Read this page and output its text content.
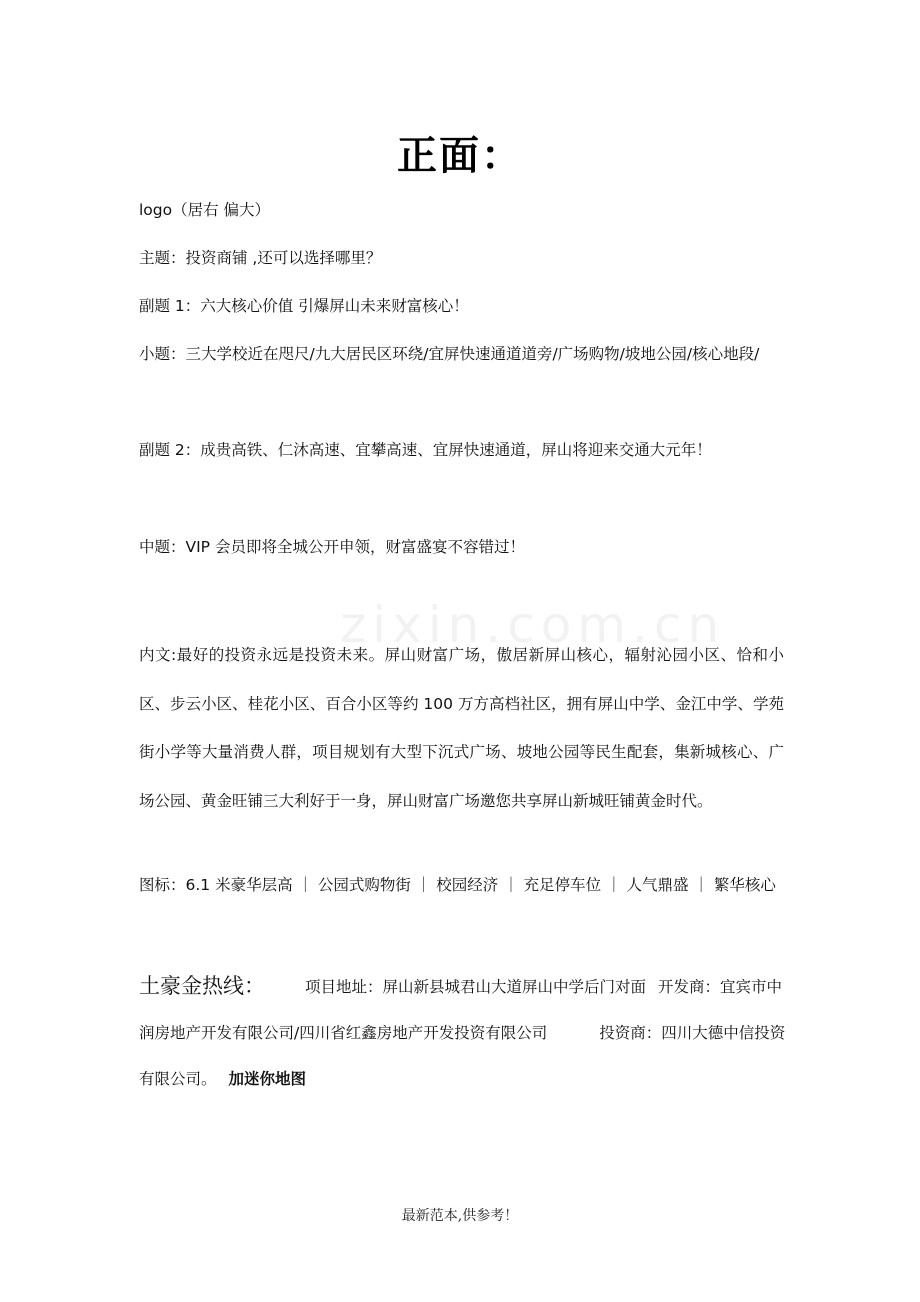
zixin.com.cn
正面：
logo（居右 偏大）
主题：投资商铺 ,还可以选择哪里？
副题 1：六大核心价值 引爆屏山未来财富核心！
小题：三大学校近在咫尺/九大居民区环绕/宜屏快速通道道旁/广场购物/坡地公园/核心地段/
副题 2：成贵高铁、仁沐高速、宜攀高速、宜屏快速通道，屏山将迎来交通大元年！
中题：VIP 会员即将全城公开申领，财富盛宴不容错过！
内文:最好的投资永远是投资未来。屏山财富广场，傲居新屏山核心，辐射沁园小区、恰和小区、步云小区、桂花小区、百合小区等约 100 万方高档社区，拥有屏山中学、金江中学、学苑街小学等大量消费人群，项目规划有大型下沉式广场、坡地公园等民生配套，集新城核心、广场公园、黄金旺铺三大利好于一身，屏山财富广场邀您共享屏山新城旺铺黄金时代。
图标：6.1 米豪华层高 ｜ 公园式购物街 ｜ 校园经济 ｜ 充足停车位 ｜ 人气鼎盛 ｜ 繁华核心
土豪金热线：	项目地址：屏山新县城君山大道屏山中学后门对面 开发商：宜宾市中润房地产开发有限公司/四川省红鑫房地产开发投资有限公司	投资商：四川大德中信投资有限公司。 加迷你地图
最新范本,供参考！
